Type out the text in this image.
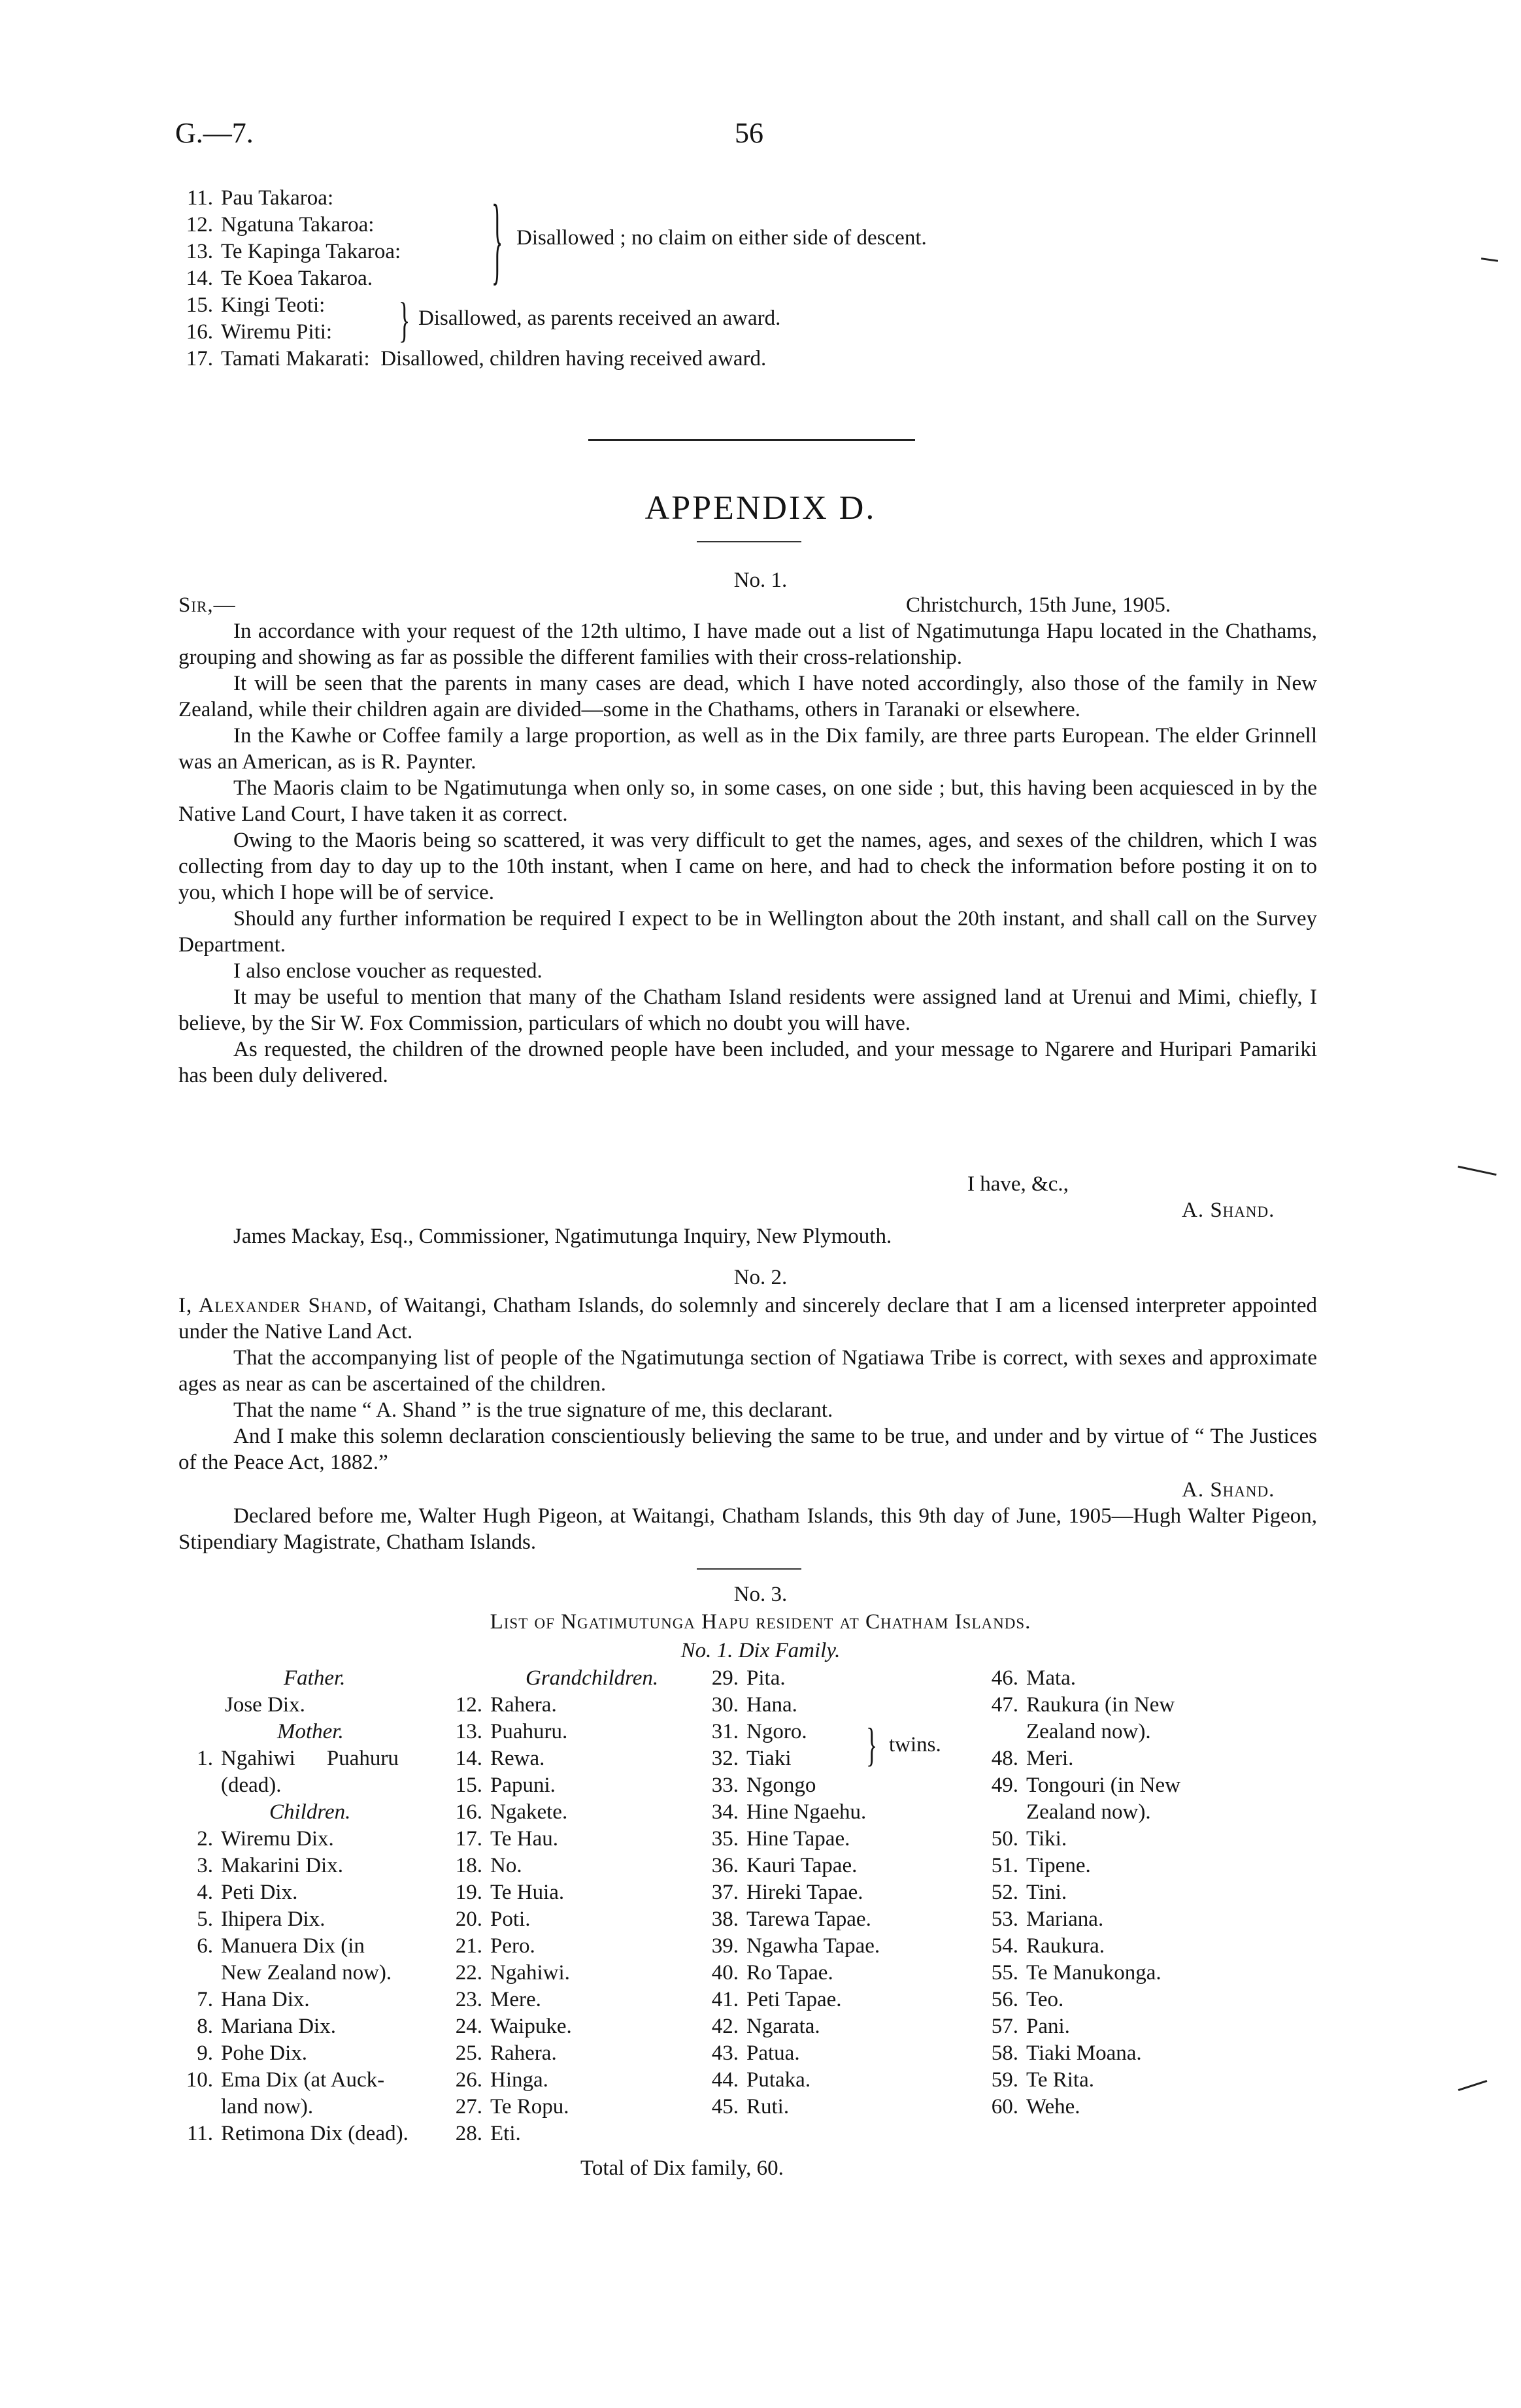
G.—7.	56
11. Pau Takaroa:
12. Ngatuna Takaroa:
13. Te Kapinga Takaroa:
14. Te Koea Takaroa.	} Disallowed ; no claim on either side of descent.
15. Kingi Teoti:
16. Wiremu Piti:	} Disallowed, as parents received an award.
17. Tamati Makarati: Disallowed, children having received award.
APPENDIX D.
No. 1.
Sir,—	Christchurch, 15th June, 1905.

In accordance with your request of the 12th ultimo, I have made out a list of Ngatimutunga Hapu located in the Chathams, grouping and showing as far as possible the different families with their cross-relationship.

It will be seen that the parents in many cases are dead, which I have noted accordingly, also those of the family in New Zealand, while their children again are divided—some in the Chathams, others in Taranaki or elsewhere.

In the Kawhe or Coffee family a large proportion, as well as in the Dix family, are three parts European. The elder Grinnell was an American, as is R. Paynter.

The Maoris claim to be Ngatimutunga when only so, in some cases, on one side ; but, this having been acquiesced in by the Native Land Court, I have taken it as correct.

Owing to the Maoris being so scattered, it was very difficult to get the names, ages, and sexes of the children, which I was collecting from day to day up to the 10th instant, when I came on here, and had to check the information before posting it on to you, which I hope will be of service.

Should any further information be required I expect to be in Wellington about the 20th instant, and shall call on the Survey Department.

I also enclose voucher as requested.

It may be useful to mention that many of the Chatham Island residents were assigned land at Urenui and Mimi, chiefly, I believe, by the Sir W. Fox Commission, particulars of which no doubt you will have.

As requested, the children of the drowned people have been included, and your message to Ngarere and Huripari Pamariki has been duly delivered.

I have, &c.,
A. Shand.
James Mackay, Esq., Commissioner, Ngatimutunga Inquiry, New Plymouth.
No. 2.

I, Alexander Shand, of Waitangi, Chatham Islands, do solemnly and sincerely declare that I am a licensed interpreter appointed under the Native Land Act.

That the accompanying list of people of the Ngatimutunga section of Ngatiawa Tribe is correct, with sexes and approximate ages as near as can be ascertained of the children.

That the name “ A. Shand ” is the true signature of me, this declarant.

And I make this solemn declaration conscientiously believing the same to be true, and under and by virtue of “ The Justices of the Peace Act, 1882.”

A. Shand.

Declared before me, Walter Hugh Pigeon, at Waitangi, Chatham Islands, this 9th day of June, 1905—Hugh Walter Pigeon, Stipendiary Magistrate, Chatham Islands.

No. 3.
List of Ngatimutunga Hapu resident at Chatham Islands.
No. 1. Dix Family.
Father.
Jose Dix.
Mother.
1. Ngahiwi Puahuru
(dead).
Children.
2. Wiremu Dix.
3. Makarini Dix.
4. Peti Dix.
5. Ihipera Dix.
6. Manuera Dix (in
New Zealand now).
7. Hana Dix.
8. Mariana Dix.
9. Pohe Dix.
10. Ema Dix (at Auck-
land now).
11. Retimona Dix (dead).
Grandchildren.
12. Rahera.
13. Puahuru.
14. Rewa.
15. Papuni.
16. Ngakete.
17. Te Hau.
18. No.
19. Te Huia.
20. Poti.
21. Pero.
22. Ngahiwi.
23. Mere.
24. Waipuke.
25. Rahera.
26. Hinga.
27. Te Ropu.
28. Eti.
29. Pita.
30. Hana.
31. Ngoro.
32. Tiaki
33. Ngongo
34. Hine Ngaehu.
35. Hine Tapae.
36. Kauri Tapae.
37. Hireki Tapae.
38. Tarewa Tapae.
39. Ngawha Tapae.
40. Ro Tapae.
41. Peti Tapae.
42. Ngarata.
43. Patua.
44. Putaka.
45. Ruti.
} twins.
46. Mata.
47. Raukura (in New
Zealand now).
48. Meri.
49. Tongouri (in New
Zealand now).
50. Tiki.
51. Tipene.
52. Tini.
53. Mariana.
54. Raukura.
55. Te Manukonga.
56. Teo.
57. Pani.
58. Tiaki Moana.
59. Te Rita.
60. Wehe.
Total of Dix family, 60.
